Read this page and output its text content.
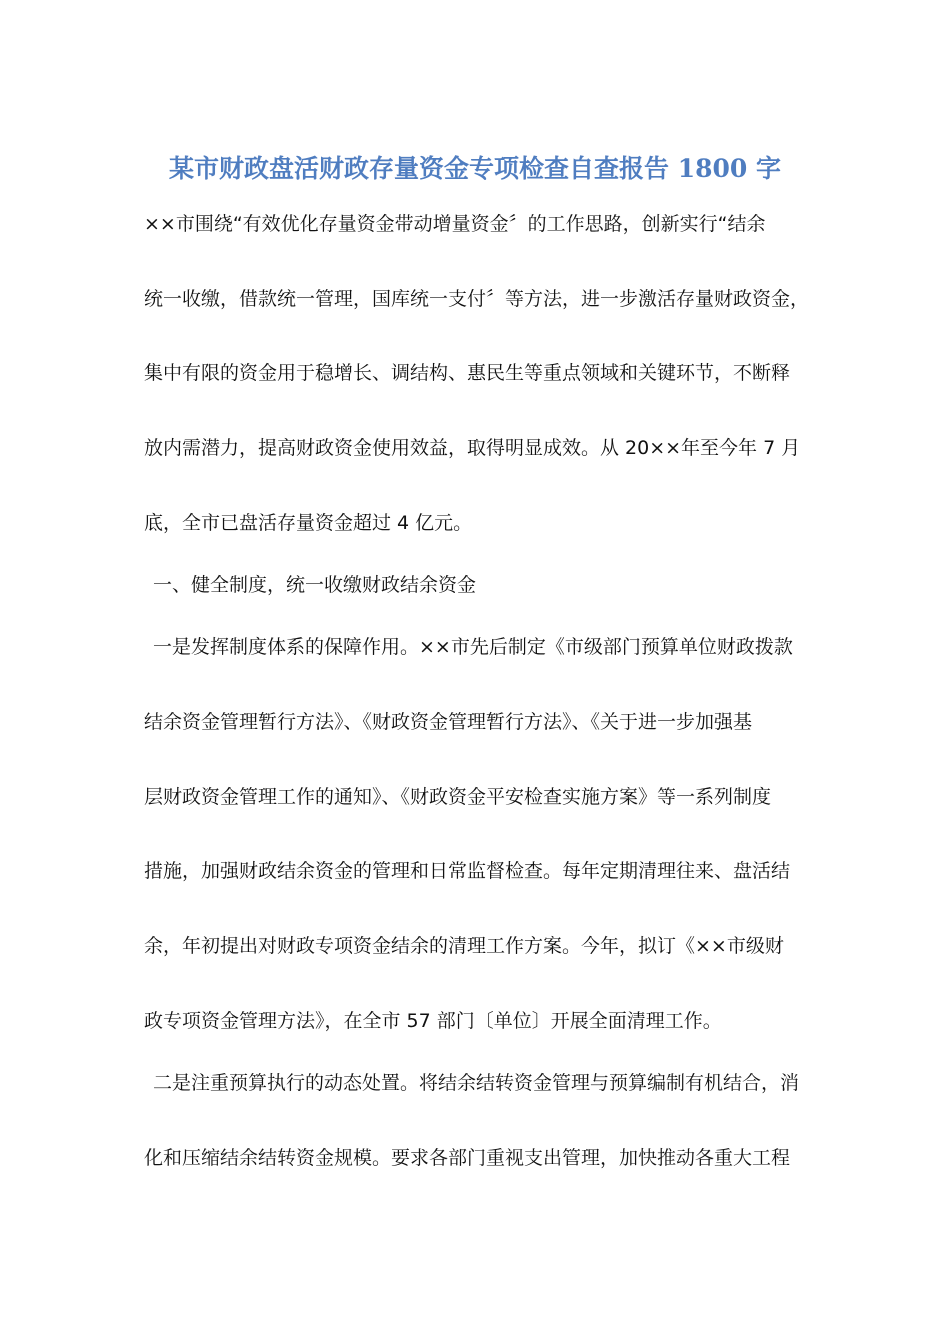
某市财政盘活财政存量资金专项检查自查报告 1800 字
××市围绕“有效优化存量资金带动增量资金〞的工作思路，创新实行“结余
统一收缴，借款统一管理，国库统一支付〞等方法，进一步激活存量财政资金，
集中有限的资金用于稳增长、调结构、惠民生等重点领域和关键环节，不断释
放内需潜力，提高财政资金使用效益，取得明显成效。从 20××年至今年 7 月
底，全市已盘活存量资金超过 4 亿元。
一、健全制度，统一收缴财政结余资金
一是发挥制度体系的保障作用。××市先后制定《市级部门预算单位财政拨款
结余资金管理暂行方法》、《财政资金管理暂行方法》、《关于进一步加强基
层财政资金管理工作的通知》、《财政资金平安检查实施方案》等一系列制度
措施，加强财政结余资金的管理和日常监督检查。每年定期清理往来、盘活结
余，年初提出对财政专项资金结余的清理工作方案。今年，拟订《××市级财
政专项资金管理方法》，在全市 57 部门〔单位〕开展全面清理工作。
二是注重预算执行的动态处置。将结余结转资金管理与预算编制有机结合，消
化和压缩结余结转资金规模。要求各部门重视支出管理，加快推动各重大工程
